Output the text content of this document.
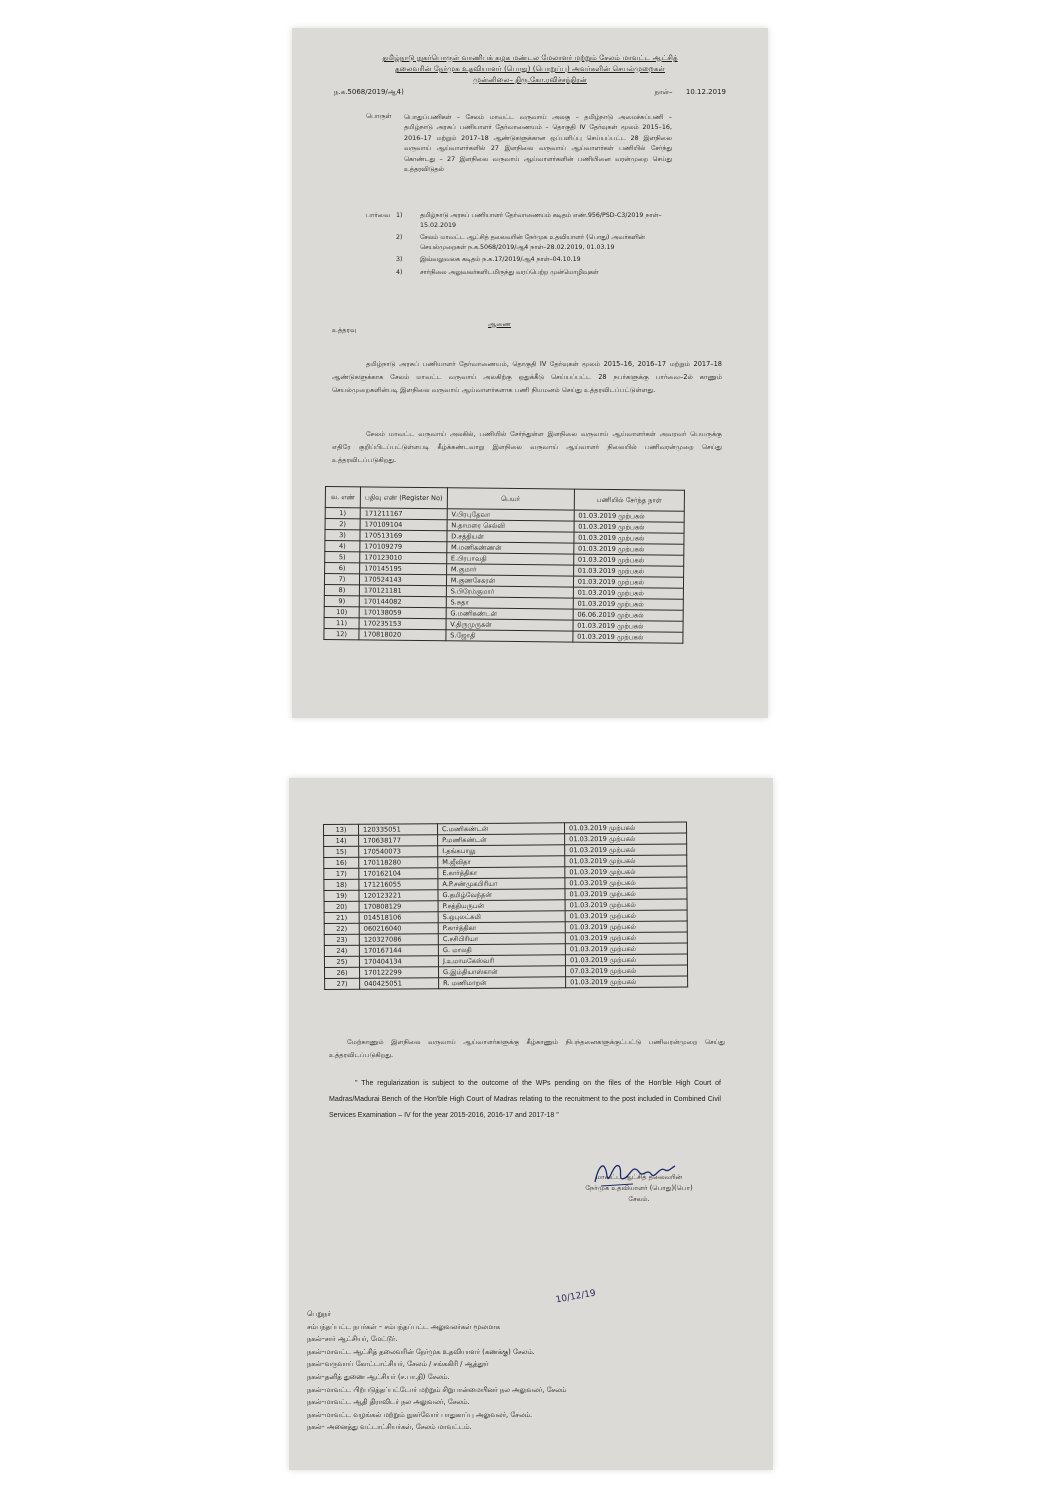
தமிழ்நாடு நுகர்பொருள் வாணிபக் கழக மண்டல மேலாளர் மற்றும் சேலம் மாவட்ட ஆட்சித்
தலைவரின் நேர்முக உதவியாளர் (பொது) (பொறுப்பு) அவர்களின் செயல்முறைகள்
முன்னிலை– திரு.கோ.ரவிச்சந்திரன்
ந.க.5068/2019/ஆ4)	நாள்– 10.12.2019
பொருள் பொதுப்பணிகள் – சேலம் மாவட்ட வருவாய் அலகு – தமிழ்நாடு அமைச்சுப்பணி – தமிழ்நாடு அரசுப் பணியாளர் தேர்வாணையம் – தொகுதி IV தேர்வுகள் மூலம் 2015–16, 2016–17 மற்றும் 2017–18 ஆண்டுகளுக்கான ஒப்பளிப்பு செய்யப்பட்ட 28 இளநிலை வருவாய் ஆய்வாளர்களில் 27 இளநிலை வருவாய் ஆய்வாளர்கள் பணியில் சேர்ந்து கொண்டது – 27 இளநிலை வருவாய் ஆய்வாளர்களின் பணியினை வரன்முறை செய்து உத்தரவிடுதல்
பார்வை 1)	தமிழ்நாடு அரசுப் பணியாளர் தேர்வாணையம் கடிதம் எண்.956/PSD-C3/2019 நாள்– 15.02.2019
2)	சேலம் மாவட்ட ஆட்சித் தலைவரின் நேர்முக உதவியாளர் (பொது) அவர்களின் செயல்முறைகள் ந.க.5068/2019/ஆ4 நாள்–28.02.2019, 01.03.19
3)	இவ்வலுவலக கடிதம் ந.க.17/2019/ஆ4 நாள்–04.10.19
4)	சார்நிலை அலுவலர்களிடமிருந்து வரப்பெற்ற முன்மொழிவுகள்
ஆணை
உத்தரவு
தமிழ்நாடு அரசுப் பணியாளர் தேர்வாணையம், தொகுதி IV தேர்வுகள் மூலம் 2015–16, 2016–17 மற்றும் 2017–18 ஆண்டுகளுக்காக சேலம் மாவட்ட வருவாய் அலகிற்கு ஒதுக்கீடு செய்யப்பட்ட 28 நபர்களுக்கு பார்வை–2ல் காணும் செயல்முறைகளின்படி இளநிலை வருவாய் ஆய்வாளர்களாக பணி நியமனம் செய்து உத்தரவிடப்பட்டுள்ளது.
சேலம் மாவட்ட வருவாய் அலகில், பணியில் சேர்ந்துள்ள இளநிலை வருவாய் ஆய்வாளர்கள் அவரவர் பெயருக்கு எதிரே குறிப்பிடப்பட்டுள்ளபடி கீழ்க்கண்டவாறு இளநிலை வருவாய் ஆய்வாளர் நிலையில் பணிவரன்முறை செய்து உத்தரவிடப்படுகிறது.
வ. எண்	பதிவு எண் (Register No)	பெயர்	பணியில் சேர்ந்த நாள்
1)	171211167	V.பிரபுதேவா	01.03.2019 முற்பகல்
2)	170109104	N.தாமரை செல்வி	01.03.2019 முற்பகல்
3)	170513169	D.சத்தியன்	01.03.2019 முற்பகல்
4)	170109279	M.மணிகண்ணன்	01.03.2019 முற்பகல்
5)	170123010	E.பிரபாவதி	01.03.2019 முற்பகல்
6)	170145195	M.குமார்	01.03.2019 முற்பகல்
7)	170524143	M.குணசேகரன்	01.03.2019 முற்பகல்
8)	170121181	S.பிரேம்குமார்	01.03.2019 முற்பகல்
9)	170144082	S.சுதா	01.03.2019 முற்பகல்
10)	170138059	G.மணிகண்டன்	06.06.2019 முற்பகல்
11)	170235153	V.திருமுருகன்	01.03.2019 முற்பகல்
12)	170818020	S.ஜோதி	01.03.2019 முற்பகல்
13)	120335051	C.மணிகண்டன்	01.03.2019 முற்பகல்
14)	170638177	P.மணிகண்டன்	01.03.2019 முற்பகல்
15)	170540073	I.தங்கபாலு	01.03.2019 முற்பகல்
16)	170118280	M.ஜீவிதா	01.03.2019 முற்பகல்
17)	170162104	E.கார்த்திகா	01.03.2019 முற்பகல்
18)	171216055	A.P.சண்முகபிரியா	01.03.2019 முற்பகல்
19)	120123221	G.தமிழ்வேந்தன்	01.03.2019 முற்பகல்
20)	170808129	P.சத்தியருபன்	01.03.2019 முற்பகல்
21)	014518106	S.ஒபுலட்சுமி	01.03.2019 முற்பகல்
22)	060216040	P.கார்த்திகா	01.03.2019 முற்பகல்
23)	120327086	C.சசிபிரியா	01.03.2019 முற்பகல்
24)	170167144	G. மாலதி	01.03.2019 முற்பகல்
25)	170404134	J.உமாமகேஸ்வரி	01.03.2019 முற்பகல்
26)	170122299	G.இம்தியாஸ்கான்	07.03.2019 முற்பகல்
27)	040425051	R. மணிமாறன்	01.03.2019 முற்பகல்
மேற்காணும் இளநிலை வருவாய் ஆய்வாளர்களுக்கு கீழ்காணும் நிபந்தனைகளுக்குட்பட்டு பணிவரன்முறை செய்து உத்தரவிடப்படுகிறது.
" The regularization is subject to the outcome of the WPs pending on the files of the Hon'ble High Court of Madras/Madurai Bench of the Hon'ble High Court of Madras relating to the recruitment to the post included in Combined Civil Services Examination – IV for the year 2015-2016, 2016-17 and 2017-18 "
மாவட்ட ஆட்சித் தலைவரின்
நேர்முக உதவியாளர் (பொது)(பொ)
சேலம்.
10/12/19
பெறுநர்
சம்பந்தப்பட்ட நபர்கள் – சம்பந்தப்பட்ட அலுவலர்கள் மூலமாக
நகல்–சார் ஆட்சியர், மேட்டூர்.
நகல்–மாவட்ட ஆட்சித் தலைவரின் நேர்முக உதவியாளர் (கணக்கு) சேலம்.
நகல்–வருவாய் கோட்டாட்சியர், சேலம் / சங்ககிரி / ஆத்தூர்
நகல்–தனித் துணை ஆட்சியர் (ச.பா.தி) சேலம்.
நகல்–மாவட்ட பிற்படுத்தப்பட்டோர் மற்றும் சிறுபான்மையினர் நல அலுவலர், சேலம்
நகல்–மாவட்ட ஆதி திராவிடர் நல அலுவலர், சேலம்.
நகல்–மாவட்ட வழங்கல் மற்றும் நுகர்வோர் பாதுகாப்பு அலுவலர், சேலம்.
நகல்– அனைத்து வட்டாட்சியர்கள், சேலம் மாவட்டம்.
